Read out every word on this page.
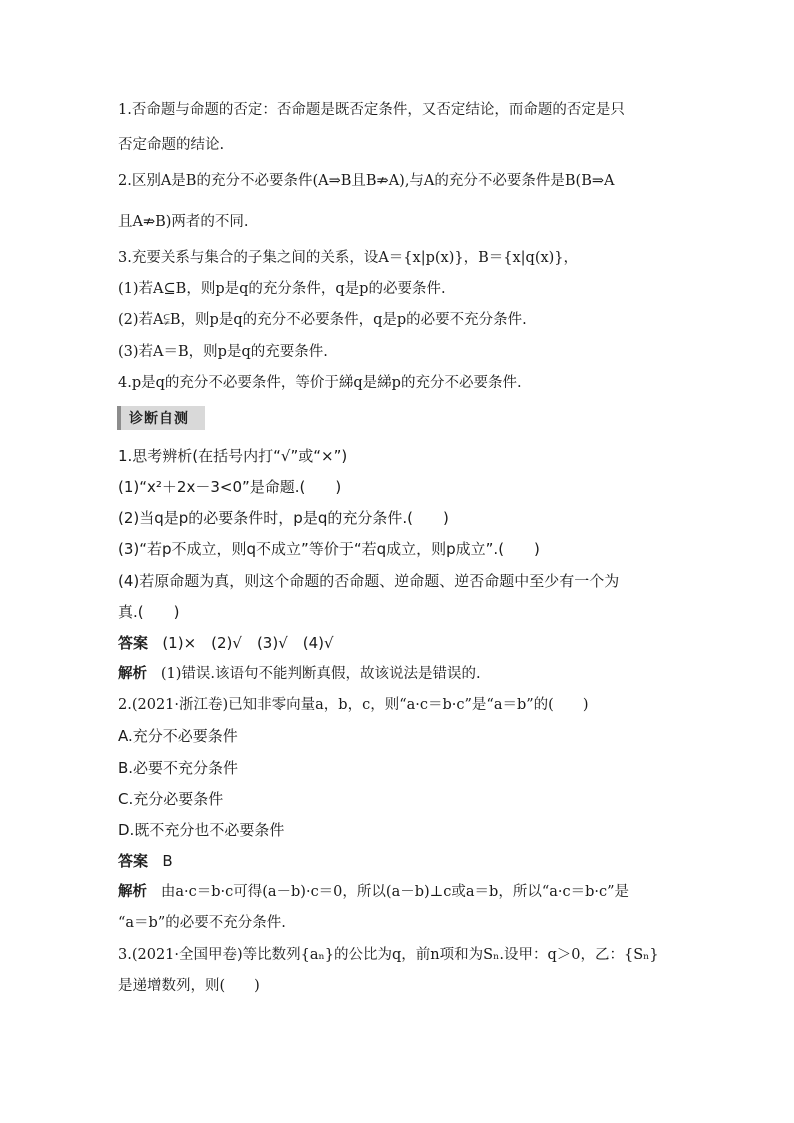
1.否命题与命题的否定：否命题是既否定条件，又否定结论，而命题的否定是只
否定命题的结论.
2.区别A是B的充分不必要条件(A⇒B且B⇏A),与A的充分不必要条件是B(B⇒A
且A⇏B)两者的不同.
3.充要关系与集合的子集之间的关系，设A＝{x|p(x)}，B＝{x|q(x)}，
(1)若A⊆B，则p是q的充分条件，q是p的必要条件.
(2)若A⫋B，则p是q的充分不必要条件，q是p的必要不充分条件.
(3)若A＝B，则p是q的充要条件.
4.p是q的充分不必要条件，等价于綈q是綈p的充分不必要条件.
诊断自测
1.思考辨析(在括号内打“√”或“×”)
(1)“x²＋2x－3<0”是命题.(　　)
(2)当q是p的必要条件时，p是q的充分条件.(　　)
(3)“若p不成立，则q不成立”等价于“若q成立，则p成立”.(　　)
(4)若原命题为真，则这个命题的否命题、逆命题、逆否命题中至少有一个为
真.(　　)
答案 (1)×　(2)√　(3)√　(4)√
解析 (1)错误.该语句不能判断真假，故该说法是错误的.
2.(2021·浙江卷)已知非零向量a，b，c，则“a·c＝b·c”是“a＝b”的(　　)
A.充分不必要条件
B.必要不充分条件
C.充分必要条件
D.既不充分也不必要条件
答案 B
解析 由a·c＝b·c可得(a－b)·c＝0，所以(a－b)⊥c或a＝b，所以“a·c＝b·c”是
“a＝b”的必要不充分条件.
3.(2021·全国甲卷)等比数列{aₙ}的公比为q，前n项和为Sₙ.设甲：q＞0，乙：{Sₙ}
是递增数列，则(　　)
